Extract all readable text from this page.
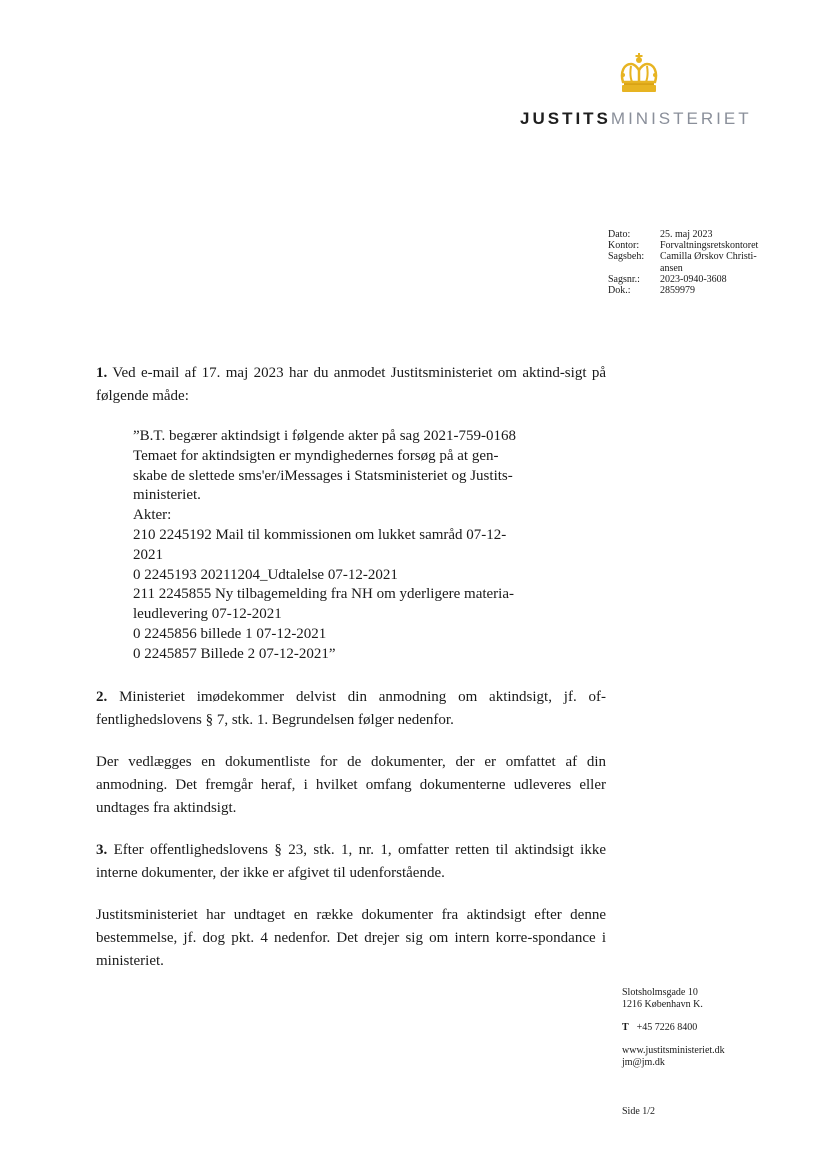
JUSTITSMINISTERIET
Dato:	25. maj 2023
Kontor:	Forvaltningsretskontoret
Sagsbeh:	Camilla Ørskov Christi-
ansen
Sagsnr.:	2023-0940-3608
Dok.:	2859979

1. Ved e-mail af 17. maj 2023 har du anmodet Justitsministeriet om aktind-sigt på følgende måde:

”B.T. begærer aktindsigt i følgende akter på sag 2021-759-0168
Temaet for aktindsigten er myndighedernes forsøg på at gen-
skabe de slettede sms'er/iMessages i Statsministeriet og Justits-
ministeriet.
Akter:
210 2245192 Mail til kommissionen om lukket samråd 07-12-
2021
0 2245193 20211204_Udtalelse 07-12-2021
211 2245855 Ny tilbagemelding fra NH om yderligere materia-
leudlevering 07-12-2021
0 2245856 billede 1 07-12-2021
0 2245857 Billede 2 07-12-2021”

2. Ministeriet imødekommer delvist din anmodning om aktindsigt, jf. of-fentlighedslovens § 7, stk. 1. Begrundelsen følger nedenfor.

Der vedlægges en dokumentliste for de dokumenter, der er omfattet af din anmodning. Det fremgår heraf, i hvilket omfang dokumenterne udleveres eller undtages fra aktindsigt.

3. Efter offentlighedslovens § 23, stk. 1, nr. 1, omfatter retten til aktindsigt ikke interne dokumenter, der ikke er afgivet til udenforstående.

Justitsministeriet har undtaget en række dokumenter fra aktindsigt efter denne bestemmelse, jf. dog pkt. 4 nedenfor. Det drejer sig om intern korre-spondance i ministeriet.

Slotsholmsgade 10
1216 København K.
T +45 7226 8400
www.justitsministeriet.dk
jm@jm.dk
Side 1/2
